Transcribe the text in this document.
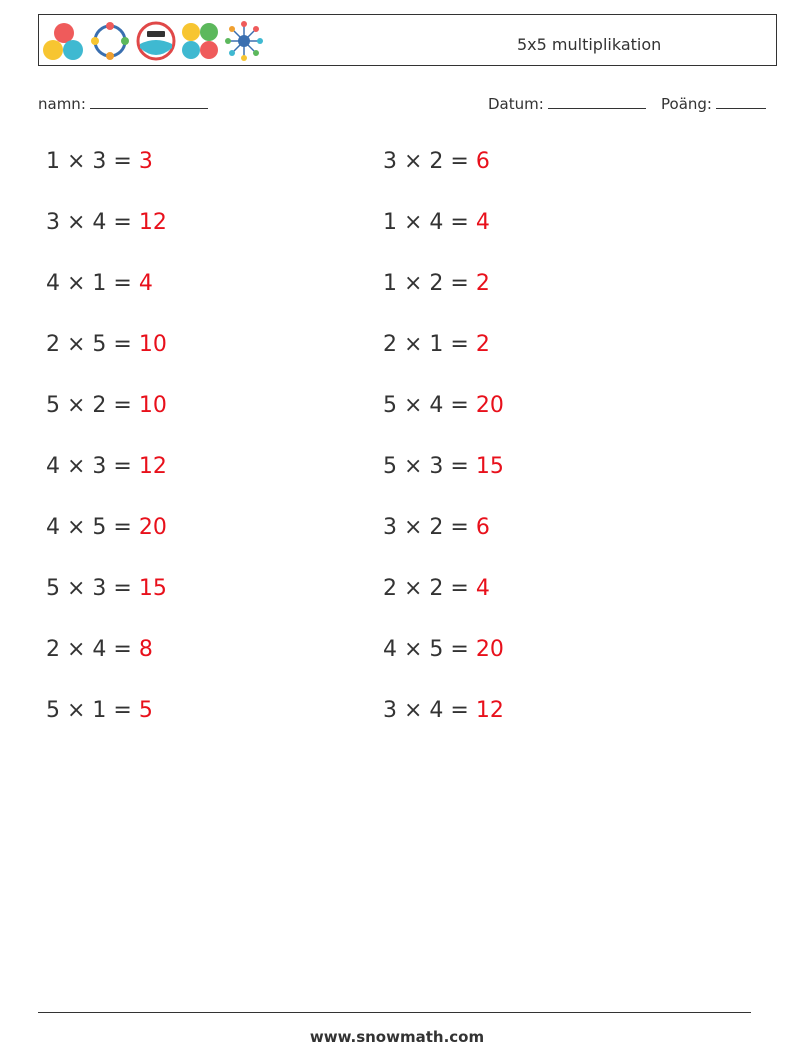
5x5 multiplikation
namn:	Datum:	Poäng:
1 × 3 = 3
3 × 4 = 12
4 × 1 = 4
2 × 5 = 10
5 × 2 = 10
4 × 3 = 12
4 × 5 = 20
5 × 3 = 15
2 × 4 = 8
5 × 1 = 5
3 × 2 = 6
1 × 4 = 4
1 × 2 = 2
2 × 1 = 2
5 × 4 = 20
5 × 3 = 15
3 × 2 = 6
2 × 2 = 4
4 × 5 = 20
3 × 4 = 12
www.snowmath.com
